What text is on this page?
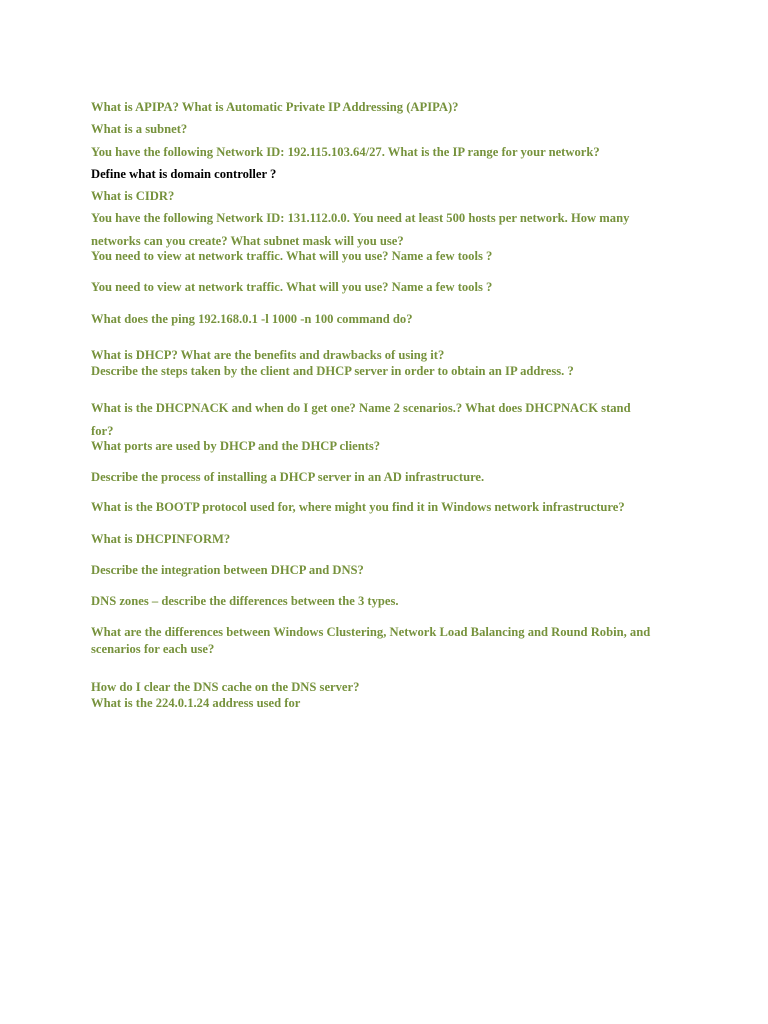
What is APIPA? What is Automatic Private IP Addressing (APIPA)?
What is a subnet?
You have the following Network ID: 192.115.103.64/27. What is the IP range for your network?
Define what is domain controller ?
What is CIDR?
You have the following Network ID: 131.112.0.0. You need at least 500 hosts per network. How many
networks can you create? What subnet mask will you use?
You need to view at network traffic. What will you use? Name a few tools ?
You need to view at network traffic. What will you use? Name a few tools ?
What does the ping 192.168.0.1 -l 1000 -n 100 command do?
What is DHCP? What are the benefits and drawbacks of using it?
Describe the steps taken by the client and DHCP server in order to obtain an IP address. ?
What is the DHCPNACK and when do I get one? Name 2 scenarios.? What does DHCPNACK stand
for?
What ports are used by DHCP and the DHCP clients?
Describe the process of installing a DHCP server in an AD infrastructure.
What is the BOOTP protocol used for, where might you find it in Windows network infrastructure?
What is DHCPINFORM?
Describe the integration between DHCP and DNS?
DNS zones – describe the differences between the 3 types.
What are the differences between Windows Clustering, Network Load Balancing and Round Robin, and
scenarios for each use?
How do I clear the DNS cache on the DNS server?
What is the 224.0.1.24 address used for
